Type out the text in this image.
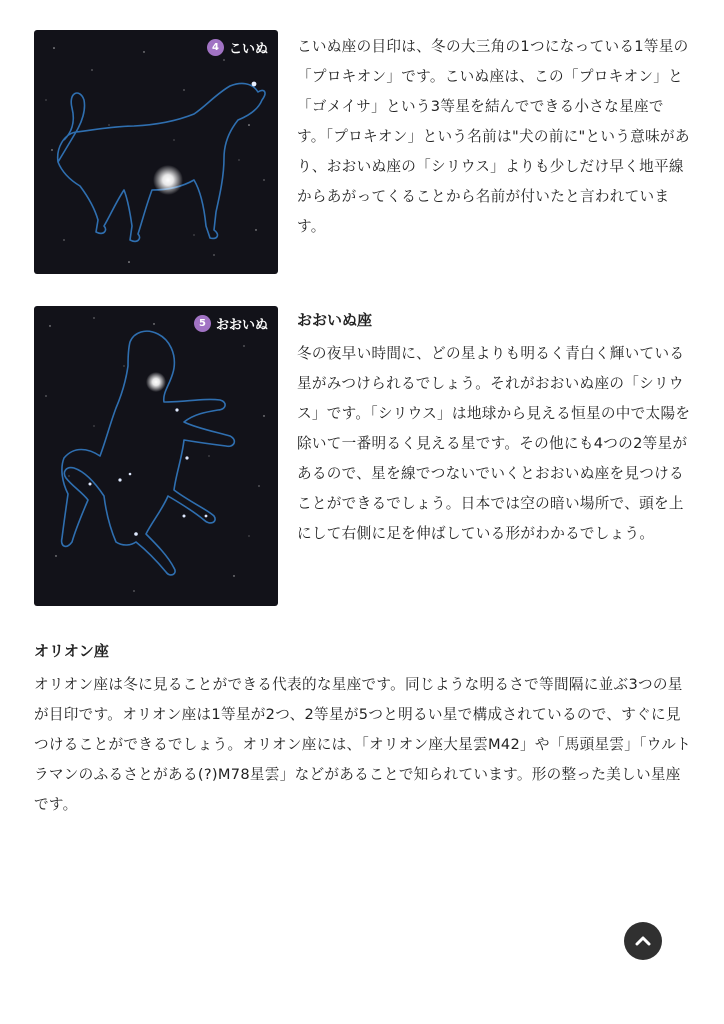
4 こいぬ こいぬ座の目印は、冬の大三角の1つになっている1等星の「プロキオン」です。こいぬ座は、この「プロキオン」と「ゴメイサ」という3等星を結んでできる小さな星座です。「プロキオン」という名前は"犬の前に"という意味があり、おおいぬ座の「シリウス」よりも少しだけ早く地平線からあがってくることから名前が付いたと言われています。

5 おおいぬ おおいぬ座

冬の夜早い時間に、どの星よりも明るく青白く輝いている星がみつけられるでしょう。それがおおいぬ座の「シリウス」です。「シリウス」は地球から見える恒星の中で太陽を除いて一番明るく見える星です。その他にも4つの2等星があるので、星を線でつないでいくとおおいぬ座を見つけることができるでしょう。日本では空の暗い場所で、頭を上にして右側に足を伸ばしている形がわかるでしょう。

オリオン座

オリオン座は冬に見ることができる代表的な星座です。同じような明るさで等間隔に並ぶ3つの星が目印です。オリオン座は1等星が2つ、2等星が5つと明るい星で構成されているので、すぐに見つけることができるでしょう。オリオン座には、「オリオン座大星雲M42」や「馬頭星雲」「ウルトラマンのふるさとがある(?)M78星雲」などがあることで知られています。形の整った美しい星座です。
